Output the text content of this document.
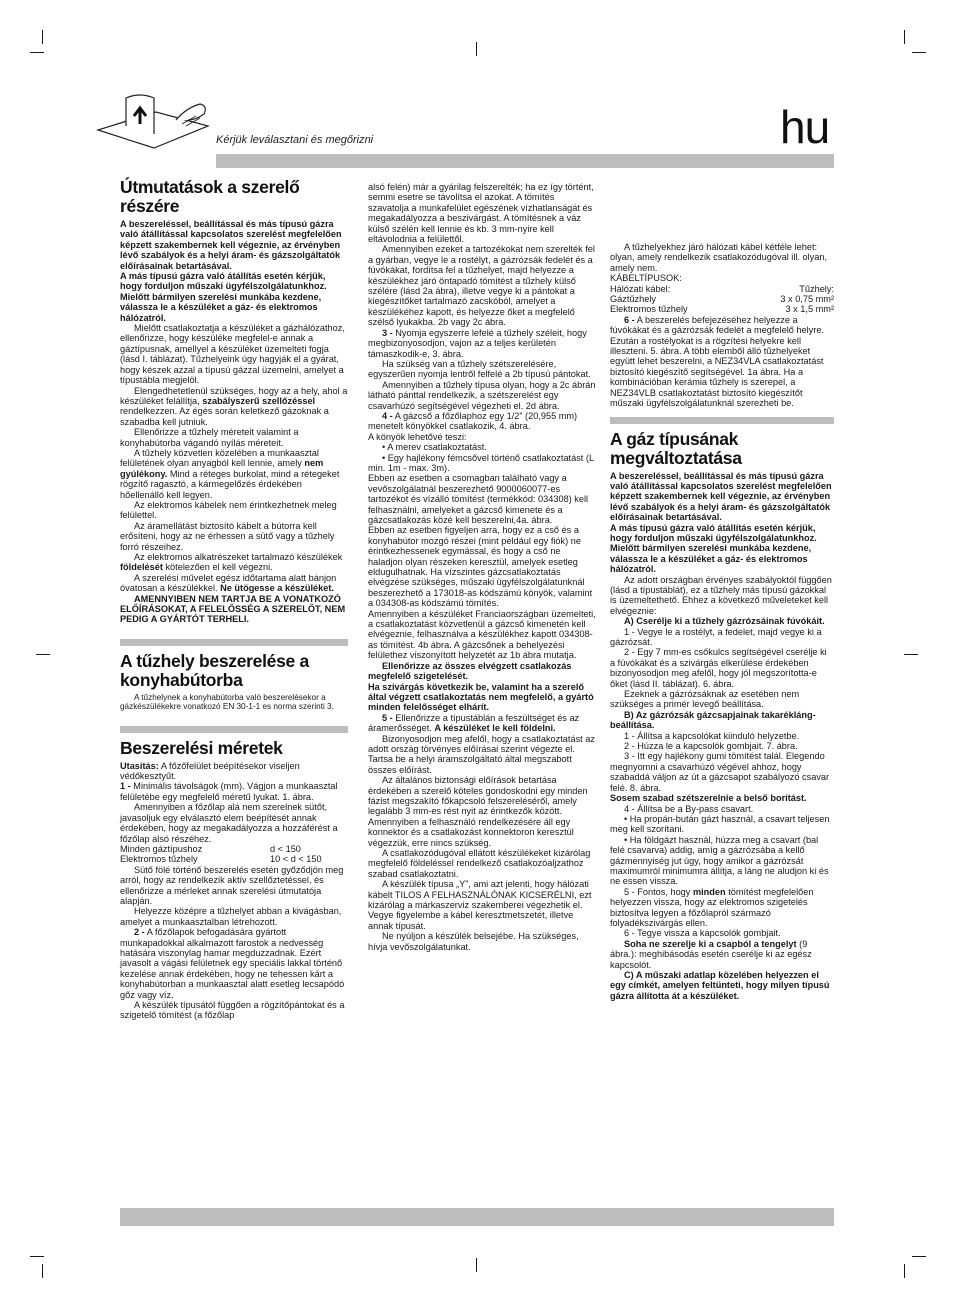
Kérjük leválasztani és megőrizni	hu
Útmutatások a szerelő részére

A beszereléssel, beállítással és más típusú gázra való átállítással kapcsolatos szerelést megfelelően képzett szakembernek kell végeznie, az érvényben lévő szabályok és a helyi áram- és gázszolgáltatók előírásainak betartásával.

A más típusú gázra való átállítás esetén kérjük, hogy forduljon műszaki ügyfélszolgálatunkhoz.

Mielőtt bármilyen szerelési munkába kezdene, válassza le a készüléket a gáz- és elektromos hálózatról.

Mielőtt csatlakoztatja a készüléket a gázhálózathoz, ellenőrizze, hogy készüléke megfelel-e annak a gáztípusnak, amellyel a készüléket üzemelteti fogja (lásd I. táblázat). Tűzhelyeink úgy hagyják el a gyárat, hogy készek azzal a típusú gázzal üzemelni, amelyet a típustábla megjelöl.

Elengedhetetlenül szükséges, hogy az a hely, ahol a készüléket felállítja, szabályszerű szellőzéssel rendelkezzen. Az égés során keletkező gázoknak a szabadba kell jutniuk.

Ellenőrizze a tűzhely méreteit valamint a konyhabútorba vágandó nyílás méreteit.

A tűzhely közvetlen közelében a munkaasztal felületének olyan anyagból kell lennie, amely nem gyúlékony. Mind a réteges burkolat, mind a rétegeket rögzítő ragasztó, a kármegelőzés érdekében hőellenálló kell legyen.

Az elektromos kábelek nem érintkezhetnek meleg felülettel.

Az áramellátást biztosító kábelt a bútorra kell erősíteni, hogy az ne érhessen a sütő vagy a tűzhely forró részeihez.

Az elektromos alkatrészeket tartalmazó készülékek földelését kötelezően el kell végezni.

A szerelési művelet egész időtartama alatt bánjon óvatosan a készülékkel. Ne ütögesse a készüléket.

AMENNYIBEN NEM TARTJA BE A VONATKOZÓ ELŐÍRÁSOKAT, A FELELŐSSÉG A SZERELŐT, NEM PEDIG A GYÁRTÓT TERHELI.

A tűzhely beszerelése a konyhabútorba

A tűzhelynek a konyhabútorba való beszerelésekor a gázkészülékekre vonatkozó EN 30-1-1 es norma szerinti 3.

Beszerelési méretek

Utasítás: A főzőfelület beépítésekor viseljen védőkesztyűt.

1 - Minimális távolságok (mm). Vágjon a munkaasztal felületébe egy megfelelő méretű lyukat. 1. ábra.

Amennyiben a főzőlap alá nem szerelnek sütőt, javasoljuk egy elválasztó elem beépítését annak érdekében, hogy az megakadályozza a hozzáférést a főzőlap alsó részéhez.

Minden gáztípushoz	d < 150
Elektromos tűzhely	10 < d < 150

Sütő fölé történő beszerelés esetén győződjön meg arról, hogy az rendelkezik aktív szellőztetéssel, és ellenőrizze a mérleket annak szerelési útmutatója alapján.

Helyezze középre a tűzhelyet abban a kivágásban, amelyet a munkaasztalban létrehozott.

2 - A főzőlapok befogadására gyártott munkapadokkal alkalmazott farostok a nedvesség hatására viszonylag hamar megduzzadnak. Ezért javasolt a vágási felületnek egy speciális lakkal történő kezelése annak érdekében, hogy ne tehessen kárt a konyhabútorban a munkaasztal alatt esetleg lecsapódó gőz vagy víz.

A készülék típusától függően a rögzítőpántokat és a szigetelő tömítést (a főzőlap

alsó felén) már a gyárilag felszerelték; ha ez így történt, semmi esetre se távolítsa el azokat. A tömítés szavatolja a munkafelület egészének vízhatlanságát és megakadályozza a beszivárgást. A tömítésnek a váz külső szélén kell lennie és kb. 3 mm-nyire kell eltávolodnia a felülettől.

Amennyiben ezeket a tartozékokat nem szerelték fel a gyárban, vegye le a rostélyt, a gázrózsák fedelét és a fúvókákat, fordítsa fel a tűzhelyet, majd helyezze a készülékhez járó öntapadó tömítést a tűzhely külső szélére (lásd 2a ábra), illetve vegye ki a pántokat a kiegészítőket tartalmazó zacskóból, amelyet a készülékéhez kapott, és helyezze őket a megfelelő szélső lyukakba. 2b vagy 2c ábra.

3 - Nyomja egyszerre lefelé a tűzhely széleit, hogy megbizonyosodjon, vajon az a teljes kerületén támaszkodik-e, 3. ábra.

Ha szükség van a tűzhely szétszerelésére, egyszerűen nyomja lentről felfelé a 2b típusú pántokat.

Amennyiben a tűzhely típusa olyan, hogy a 2c ábrán látható pánttal rendelkezik, a szétszerelést egy csavarhúzó segítségével végezheti el. 2d ábra.

4 - A gázcső a főzőlaphoz egy 1/2” (20,955 mm) menetelt könyökkel csatlakozik, 4. ábra.

A könyök lehetővé teszi:

• A merev csatlakoztatást.

• Egy hajlékony fémcsővel történő csatlakoztatást (L min. 1m - max. 3m).

Ebben az esetben a csomagban található vagy a vevőszolgálatnál beszerezhető 9000060077-es tartozékot és vízálló tömítést (termékkód: 034308) kell felhasználni, amelyeket a gázcső kimenete és a gázcsatlakozás közé kell beszerelni,4a. ábra.

Ebben az esetben figyeljen arra, hogy ez a cső és a konyhabútor mozgó részei (mint például egy fiók) ne érintkezhessenek egymással, és hogy a cső ne haladjon olyan részeken keresztül, amelyek esetleg eldugulhatnak. Ha vízszintes gázcsatlakoztatás elvégzése szükséges, műszaki ügyfélszolgálatunknál beszerezhető a 173018-as kódszámú könyök, valamint a 034308-as kódszámú tömítés.

Amennyiben a készüléket Franciaországban üzemelteti, a csatlakoztatást közvetlenül a gázcső kimenetén kell elvégeznie, felhasználva a készülékhez kapott 034308-as tömítést. 4b ábra. A gázcsőnek a behelyezési felülethez viszonyított helyzetét az 1b ábra mutatja.

Ellenőrizze az összes elvégzett csatlakozás megfelelő szigetelését.

Ha szivárgás következik be, valamint ha a szerelő által végzett csatlakoztatás nem megfelelő, a gyártó minden felelősséget elhárít.

5 - Ellenőrizze a típustáblán a feszültséget és az áramerősséget. A készüléket le kell földelni.

Bizonyosodjon meg afelől, hogy a csatlakoztatást az adott ország törvényes előírásai szerint végezte el. Tartsa be a helyi áramszolgáltató által megszabott összes előírást.

Az általános biztonsági előírások betartása érdekében a szerelő köteles gondoskodni egy minden fázist megszakító főkapcsoló felszereléséről, amely legalább 3 mm-es rést nyit az érintkezők között. Amennyiben a felhasználó rendelkezésére áll egy konnektor és a csatlakozást konnektoron keresztül végezzük, erre nincs szükség.

A csatlakozódugóval ellátott készülékeket kizárólag megfelelő földeléssel rendelkező csatlakozóaljzathoz szabad csatlakoztatni.

A készülék típusa „Y”, ami azt jelenti, hogy hálózati kábelt TILOS A FELHASZNÁLÓNAK KICSERÉLNI, ezt kizárólag a márkaszerviz szakemberei végezhetik el. Vegye figyelembe a kábel keresztmetszetét, illetve annak típusát.

Ne nyúljon a készülék belsejébe. Ha szükséges, hívja vevőszolgálatunkat.

A tűzhelyekhez járó hálózati kábel kétféle lehet: olyan, amely rendelkezik csatlakozódugóval ill. olyan, amely nem.

KÁBELTÍPUSOK:

Hálózati kábel:	Tűzhely:
Gáztűzhely	3 x 0,75 mm²
Elektromos tűzhely	3 x 1,5 mm²

6 - A beszerelés befejezéséhez helyezze a fúvókákat és a gázrózsák fedelét a megfelelő helyre. Ezután a rostélyokat is a rögzítési helyekre kell illeszteni. 5. ábra. A több elemből álló tűzhelyeket együtt lehet beszerelni, a NEZ34VLA csatlakoztatást biztosító kiegészítő segítségével. 1a ábra. Ha a kombinációban kerámia tűzhely is szerepel, a NEZ34VLB csatlakoztatást biztosító kiegészítőt műszaki ügyfélszolgálatunknál szerezheti be.

A gáz típusának megváltoztatása

A beszereléssel, beállítással és más típusú gázra való átállítással kapcsolatos szerelést megfelelően képzett szakembernek kell végeznie, az érvényben lévő szabályok és a helyi áram- és gázszolgáltatók előírásainak betartásával.

A más típusú gázra való átállítás esetén kérjük, hogy forduljon műszaki ügyfélszolgálatunkhoz.

Mielőtt bármilyen szerelési munkába kezdene, válassza le a készüléket a gáz- és elektromos hálózatról.

Az adott országban érvényes szabályoktól függően (lásd a típustáblát), ez a tűzhely más típusú gázokkal is üzemeltethető. Ehhez a következő műveleteket kell elvégeznie:

A) Cserélje ki a tűzhely gázrózsáinak fúvókáit.

1 - Vegye le a rostélyt, a fedelet, majd vegye ki a gázrózsát.

2 - Egy 7 mm-es csőkulcs segítségével cserélje ki a fúvókákat és a szivárgás elkerülése érdekében bizonyosodjon meg afelől, hogy jól megszorította-e őket (lásd II. táblázat). 6. ábra.

Ezeknek a gázrózsáknak az esetében nem szükséges a primér levegő beállítása.

B) Az gázrózsák gázcsapjainak takarékláng-beállítása.

1 - Állítsa a kapcsolókat kiinduló helyzetbe.

2 - Húzza le a kapcsolók gombjait. 7. ábra.

3 - Itt egy hajlékony gumi tömítést talál. Elegendo megnyomni a csavarhúzó végével ahhoz, hogy szabaddá váljon az út a gázcsapot szabályozó csavar felé. 8. ábra.

Sosem szabad szétszerelnie a belső borítást.

4 - Állítsa be a By-pass csavart.

• Ha propán-bután gázt használ, a csavart teljesen meg kell szorítani.

• Ha földgázt használ, húzza meg a csavart (bal felé csavarva) addig, amíg a gázrózsába a kellő gázmennyiség jut úgy, hogy amikor a gázrózsát maximumról minimumra állítja, a láng ne aludjon ki és ne essen vissza.

5 - Fontos, hogy minden tömítést megfelelően helyezzen vissza, hogy az elektromos szigetelés biztosítva legyen a főzőlapról származó folyadékszivárgás ellen.

6 - Tegye vissza a kapcsolók gombjait.

Soha ne szerelje ki a csapból a tengelyt (9 ábra.): meghibásodás esetén cserélje ki az egész kapcsolót.

C) A műszaki adatlap közelében helyezzen el egy címkét, amelyen feltünteti, hogy milyen típusú gázra állította át a készüléket.
